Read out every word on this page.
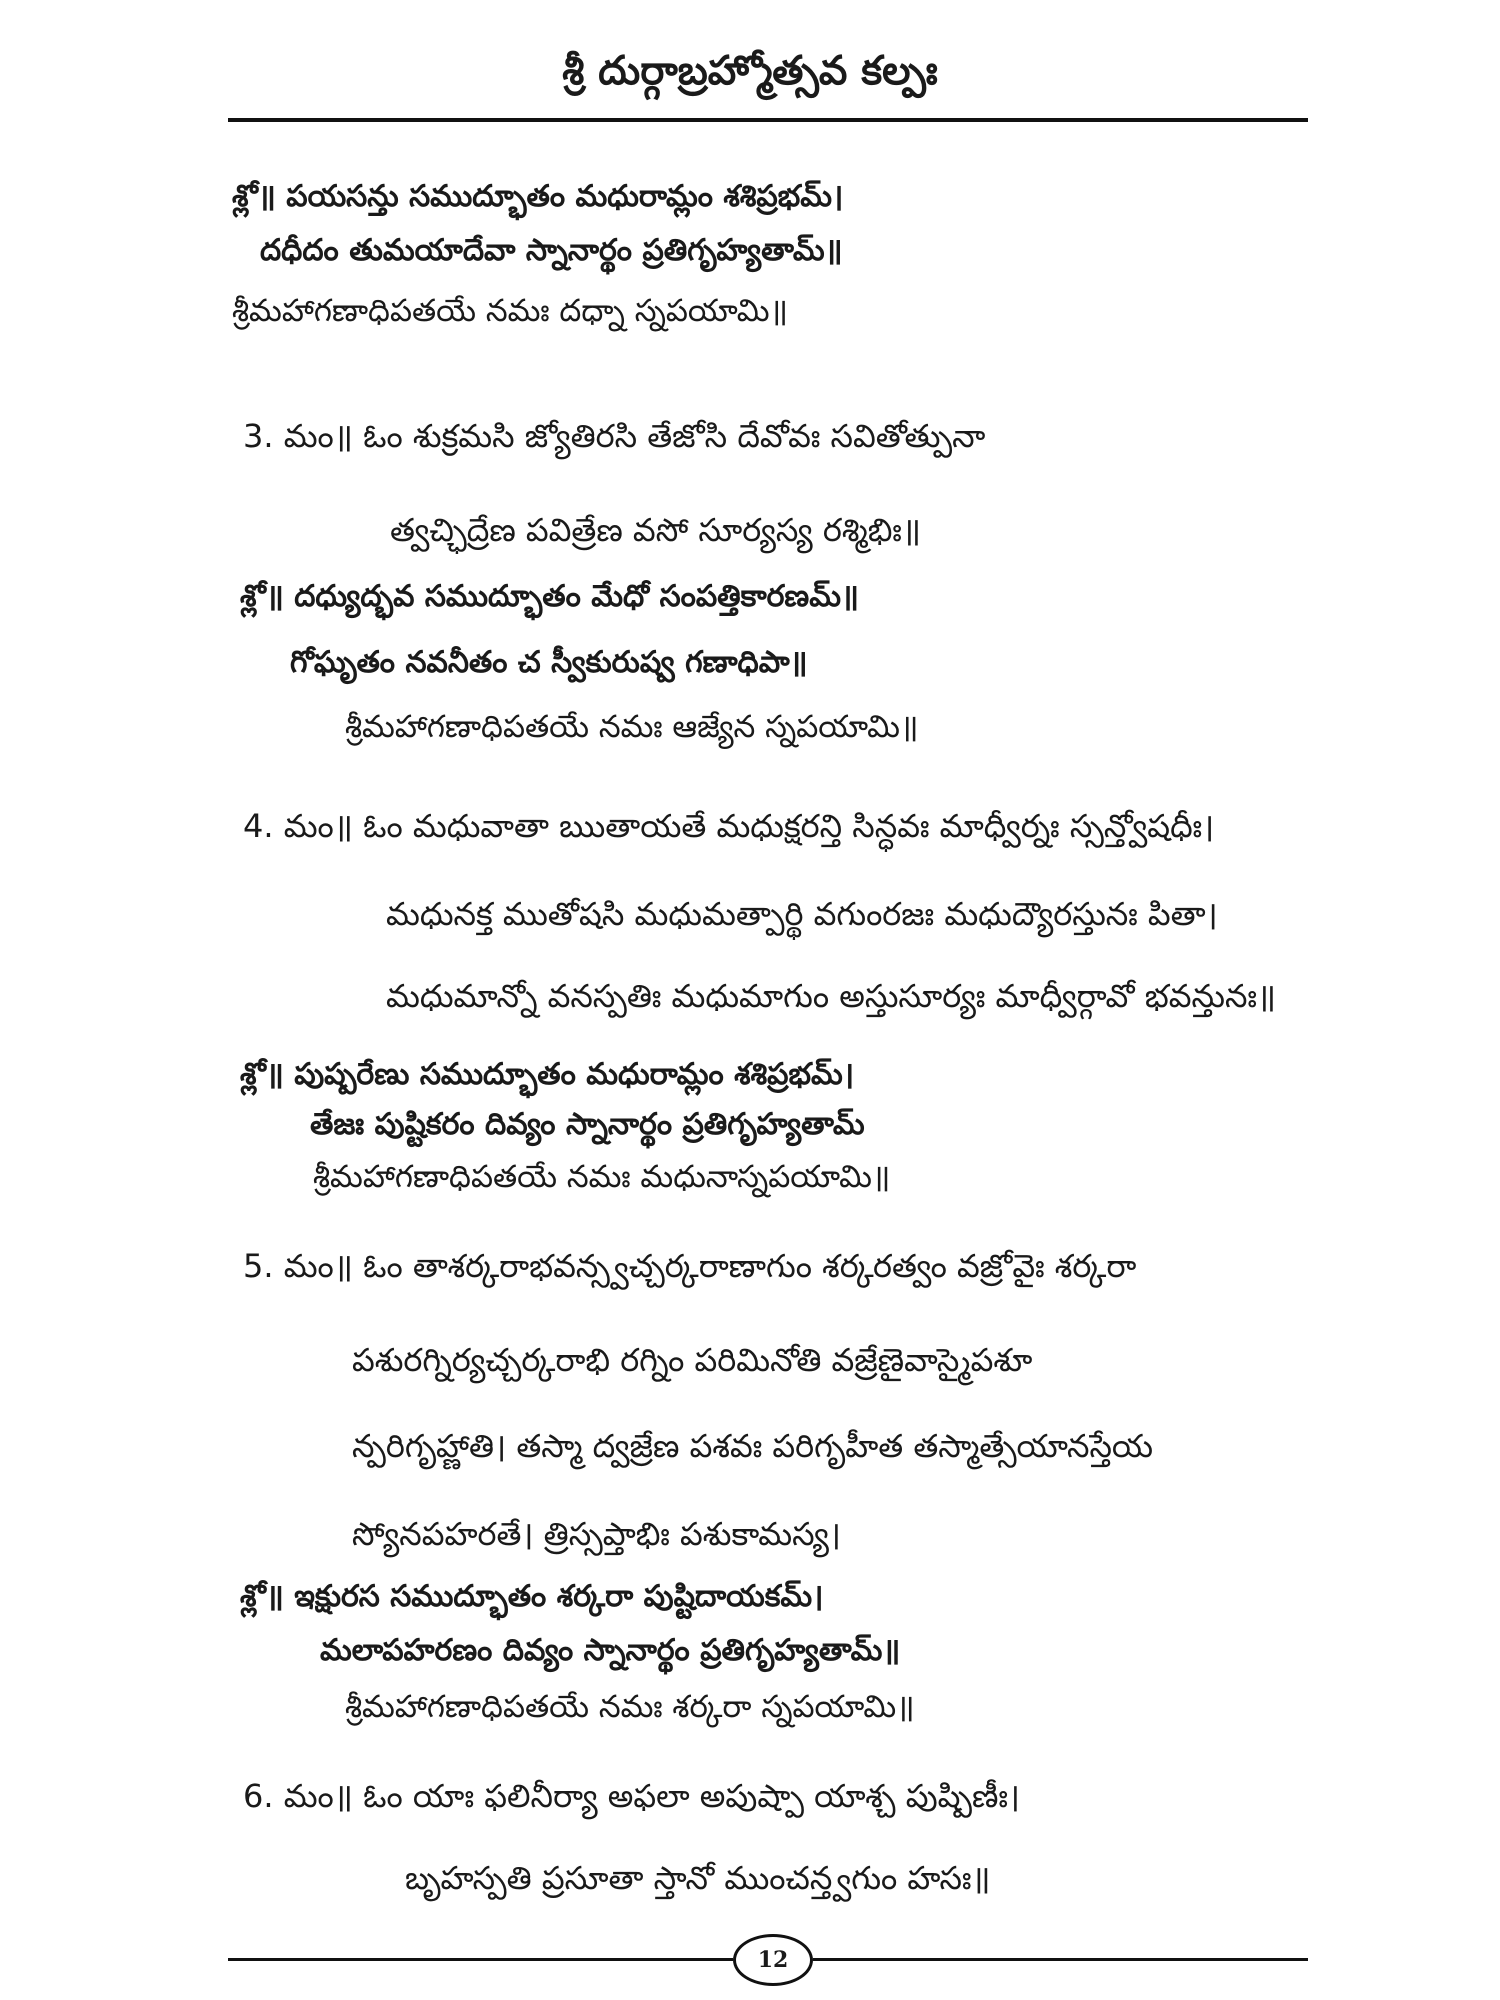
శ్రీ దుర్గాబ్రహ్మోత్సవ కల్పః
శ్లో॥ పయసన్తు సముద్భూతం మధురామ్లం శశిప్రభమ్।
దధీదం తుమయాదేవా స్నానార్థం ప్రతిగృహ్యతామ్॥
శ్రీమహాగణాధిపతయే నమః దధ్నా స్నపయామి॥
3. మం॥ ఓం శుక్రమసి జ్యోతిరసి తేజోసి దేవోవః సవితోత్పునా
త్వచ్ఛిద్రేణ పవిత్రేణ వసో సూర్యస్య రశ్మిభిః॥
శ్లో॥ దధ్యుద్భవ సముద్భూతం మేధో సంపత్తికారణమ్॥
గోఘృతం నవనీతం చ స్వీకురుష్వ గణాధిపా॥
శ్రీమహాగణాధిపతయే నమః ఆజ్యేన స్నపయామి॥
4. మం॥ ఓం మధువాతా ఋతాయతే మధుక్షరన్తి సిన్ధవః మాధ్వీర్నః స్సన్త్వోషధీః।
మధునక్త ముతోషసి మధుమత్పార్థి వగుంరజః మధుద్యౌరస్తునః పితా।
మధుమాన్నో వనస్పతిః మధుమాగుం అస్తుసూర్యః మాధ్వీర్గావో భవన్తునః॥
శ్లో॥ పుష్పరేణు సముద్భూతం మధురామ్లం శశిప్రభమ్।
తేజః పుష్టికరం దివ్యం స్నానార్థం ప్రతిగృహ్యతామ్
శ్రీమహాగణాధిపతయే నమః మధునాస్నపయామి॥
5. మం॥ ఓం తాశర్కరాభవన్స్వచ్చర్కరాణాగుం శర్కరత్వం వజ్రోవైః శర్కరా
పశురగ్నిర్యచ్చర్కరాభి రగ్నిం పరిమినోతి వజ్రేణైవాస్మైపశూ
న్పరిగృహ్ణాతి। తస్మా ద్వజ్రేణ పశవః పరిగృహీత తస్మాత్సేయానస్తేయ
స్యోనపహరతే। త్రిస్సప్తాభిః పశుకామస్య।
శ్లో॥ ఇక్షురస సముద్భూతం శర్కరా పుష్టిదాయకమ్।
మలాపహరణం దివ్యం స్నానార్థం ప్రతిగృహ్యతామ్॥
శ్రీమహాగణాధిపతయే నమః శర్కరా స్నపయామి॥
6. మం॥ ఓం యాః ఫలినీర్యా అఫలా అపుష్పా యాశ్చ పుష్పిణీః।
బృహస్పతి ప్రసూతా స్తానో ముంచన్త్వగుం హసః॥
12
